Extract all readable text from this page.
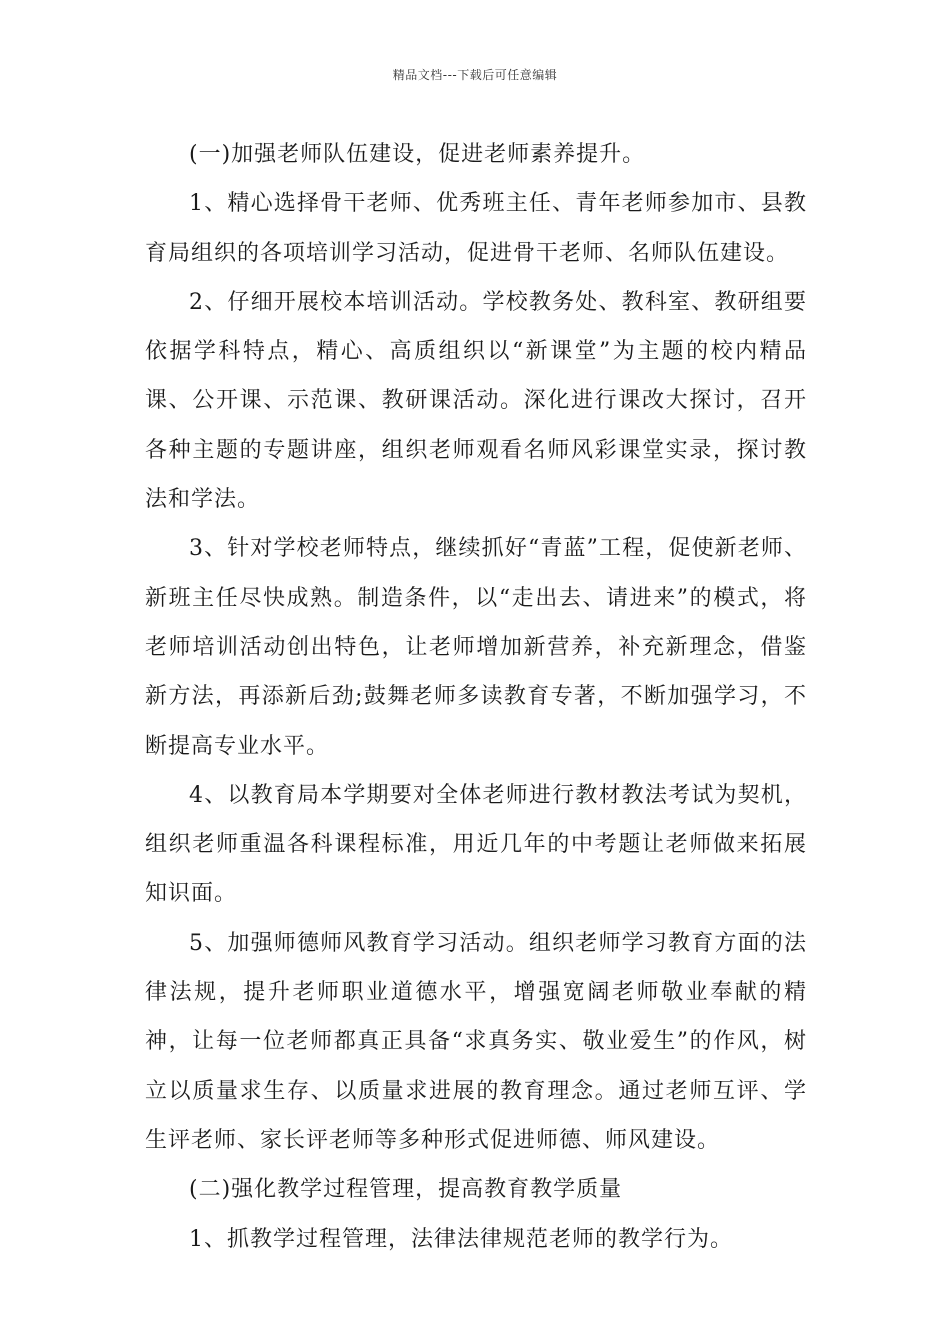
精品文档---下载后可任意编辑

(一)加强老师队伍建设，促进老师素养提升。

1、精心选择骨干老师、优秀班主任、青年老师参加市、县教育局组织的各项培训学习活动，促进骨干老师、名师队伍建设。

2、仔细开展校本培训活动。学校教务处、教科室、教研组要依据学科特点，精心、高质组织以“新课堂”为主题的校内精品课、公开课、示范课、教研课活动。深化进行课改大探讨，召开各种主题的专题讲座，组织老师观看名师风彩课堂实录，探讨教法和学法。

3、针对学校老师特点，继续抓好“青蓝”工程，促使新老师、新班主任尽快成熟。制造条件，以“走出去、请进来”的模式，将老师培训活动创出特色，让老师增加新营养，补充新理念，借鉴新方法，再添新后劲;鼓舞老师多读教育专著，不断加强学习，不断提高专业水平。

4、以教育局本学期要对全体老师进行教材教法考试为契机，组织老师重温各科课程标准，用近几年的中考题让老师做来拓展知识面。

5、加强师德师风教育学习活动。组织老师学习教育方面的法律法规，提升老师职业道德水平，增强宽阔老师敬业奉献的精神，让每一位老师都真正具备“求真务实、敬业爱生”的作风，树立以质量求生存、以质量求进展的教育理念。通过老师互评、学生评老师、家长评老师等多种形式促进师德、师风建设。

(二)强化教学过程管理，提高教育教学质量

1、抓教学过程管理，法律法律规范老师的教学行为。
